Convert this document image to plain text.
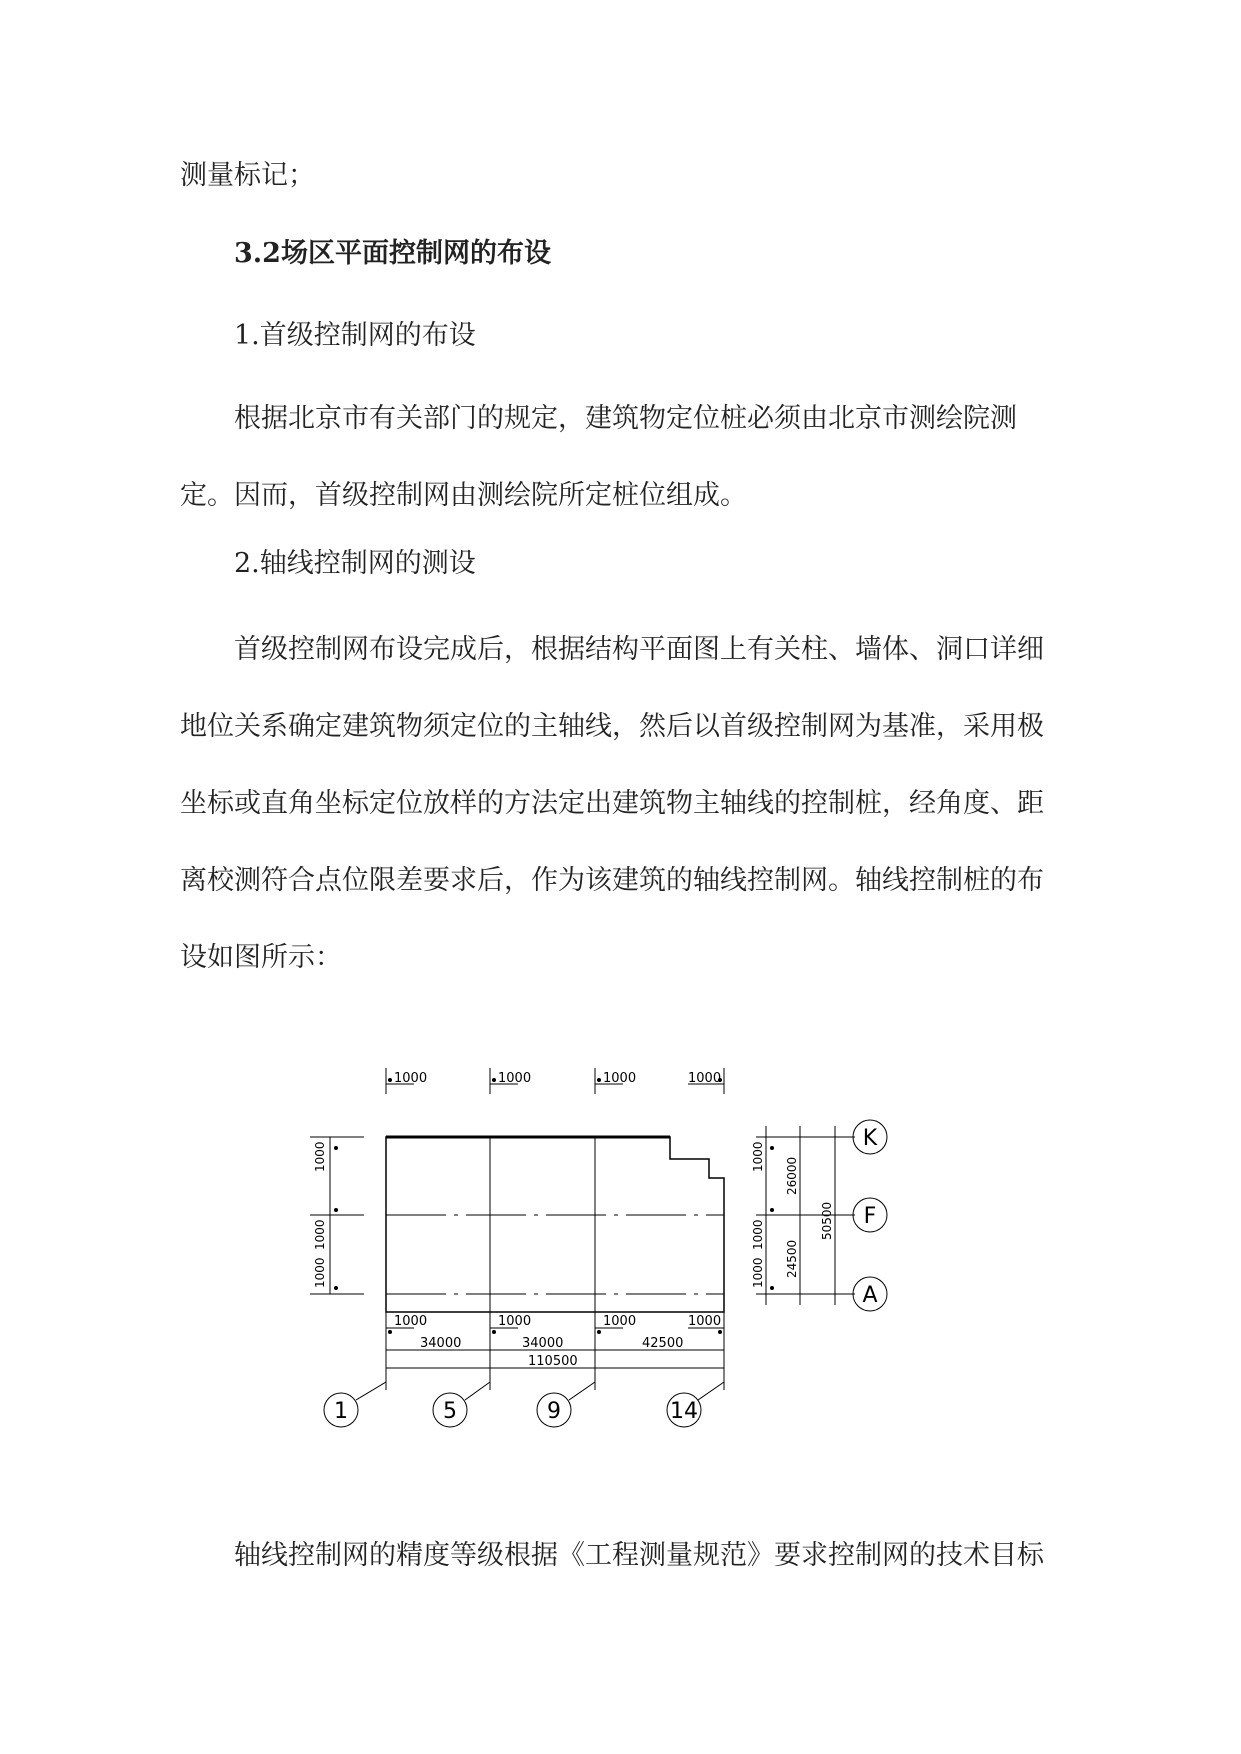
测量标记；

3.2场区平面控制网的布设

1.首级控制网的布设

根据北京市有关部门的规定，建筑物定位桩必须由北京市测绘院测定。因而，首级控制网由测绘院所定桩位组成。

2.轴线控制网的测设

首级控制网布设完成后，根据结构平面图上有关柱、墙体、洞口详细地位关系确定建筑物须定位的主轴线，然后以首级控制网为基准，采用极坐标或直角坐标定位放样的方法定出建筑物主轴线的控制桩，经角度、距离校测符合点位限差要求后，作为该建筑的轴线控制网。轴线控制桩的布设如图所示：

1000	1000	1000	1000
1000	1000	1000	1000
34000	34000	42500
110500
1000
1000
1000
1000
1000
1000
26000
24500
50500
1	5	9	14
K
F
A

轴线控制网的精度等级根据《工程测量规范》要求控制网的技术目标
